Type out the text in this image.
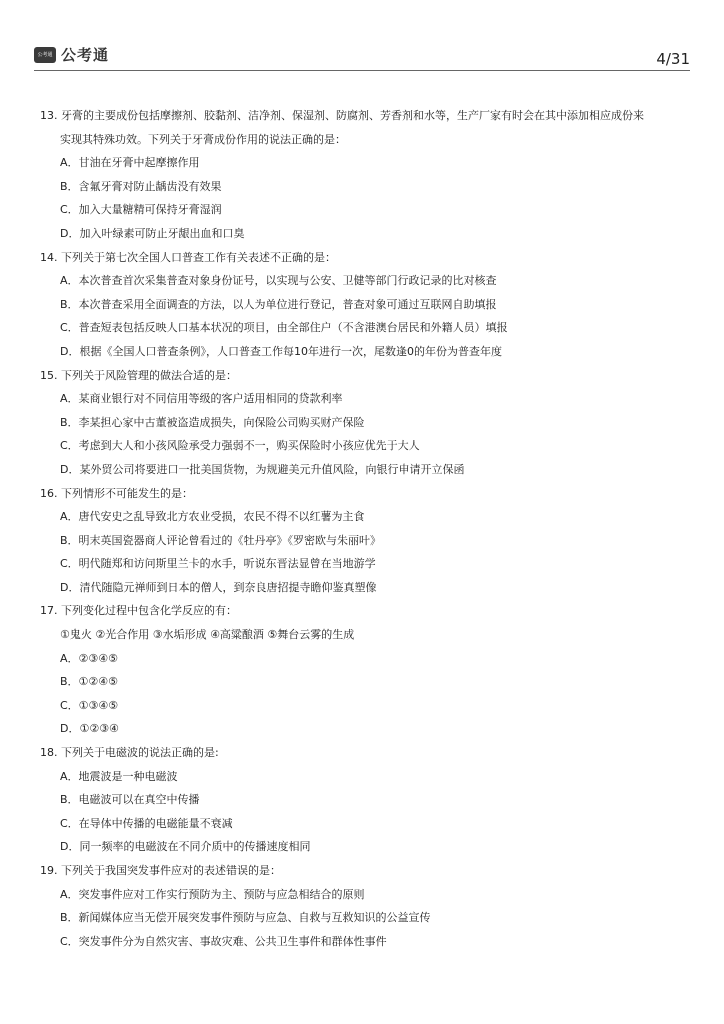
公考通 公考通	4/31
13. 牙膏的主要成份包括摩擦剂、胶黏剂、洁净剂、保湿剂、防腐剂、芳香剂和水等，生产厂家有时会在其中添加相应成份来
实现其特殊功效。下列关于牙膏成份作用的说法正确的是：
A．甘油在牙膏中起摩擦作用
B．含氟牙膏对防止龋齿没有效果
C．加入大量糖精可保持牙膏湿润
D．加入叶绿素可防止牙龈出血和口臭
14. 下列关于第七次全国人口普查工作有关表述不正确的是：
A．本次普查首次采集普查对象身份证号，以实现与公安、卫健等部门行政记录的比对核查
B．本次普查采用全面调查的方法，以人为单位进行登记，普查对象可通过互联网自助填报
C．普查短表包括反映人口基本状况的项目，由全部住户（不含港澳台居民和外籍人员）填报
D．根据《全国人口普查条例》，人口普查工作每10年进行一次，尾数逢0的年份为普查年度
15. 下列关于风险管理的做法合适的是：
A．某商业银行对不同信用等级的客户适用相同的贷款利率
B．李某担心家中古董被盗造成损失，向保险公司购买财产保险
C．考虑到大人和小孩风险承受力强弱不一，购买保险时小孩应优先于大人
D．某外贸公司将要进口一批美国货物，为规避美元升值风险，向银行申请开立保函
16. 下列情形不可能发生的是：
A．唐代安史之乱导致北方农业受损，农民不得不以红薯为主食
B．明末英国瓷器商人评论曾看过的《牡丹亭》《罗密欧与朱丽叶》
C．明代随郑和访问斯里兰卡的水手，听说东晋法显曾在当地游学
D．清代随隐元禅师到日本的僧人，到奈良唐招提寺瞻仰鉴真塑像
17. 下列变化过程中包含化学反应的有：
①鬼火 ②光合作用 ③水垢形成 ④高粱酿酒 ⑤舞台云雾的生成
A．②③④⑤
B．①②④⑤
C．①③④⑤
D．①②③④
18. 下列关于电磁波的说法正确的是:
A．地震波是一种电磁波
B．电磁波可以在真空中传播
C．在导体中传播的电磁能量不衰减
D．同一频率的电磁波在不同介质中的传播速度相同
19. 下列关于我国突发事件应对的表述错误的是：
A．突发事件应对工作实行预防为主、预防与应急相结合的原则
B．新闻媒体应当无偿开展突发事件预防与应急、自救与互救知识的公益宣传
C．突发事件分为自然灾害、事故灾难、公共卫生事件和群体性事件
